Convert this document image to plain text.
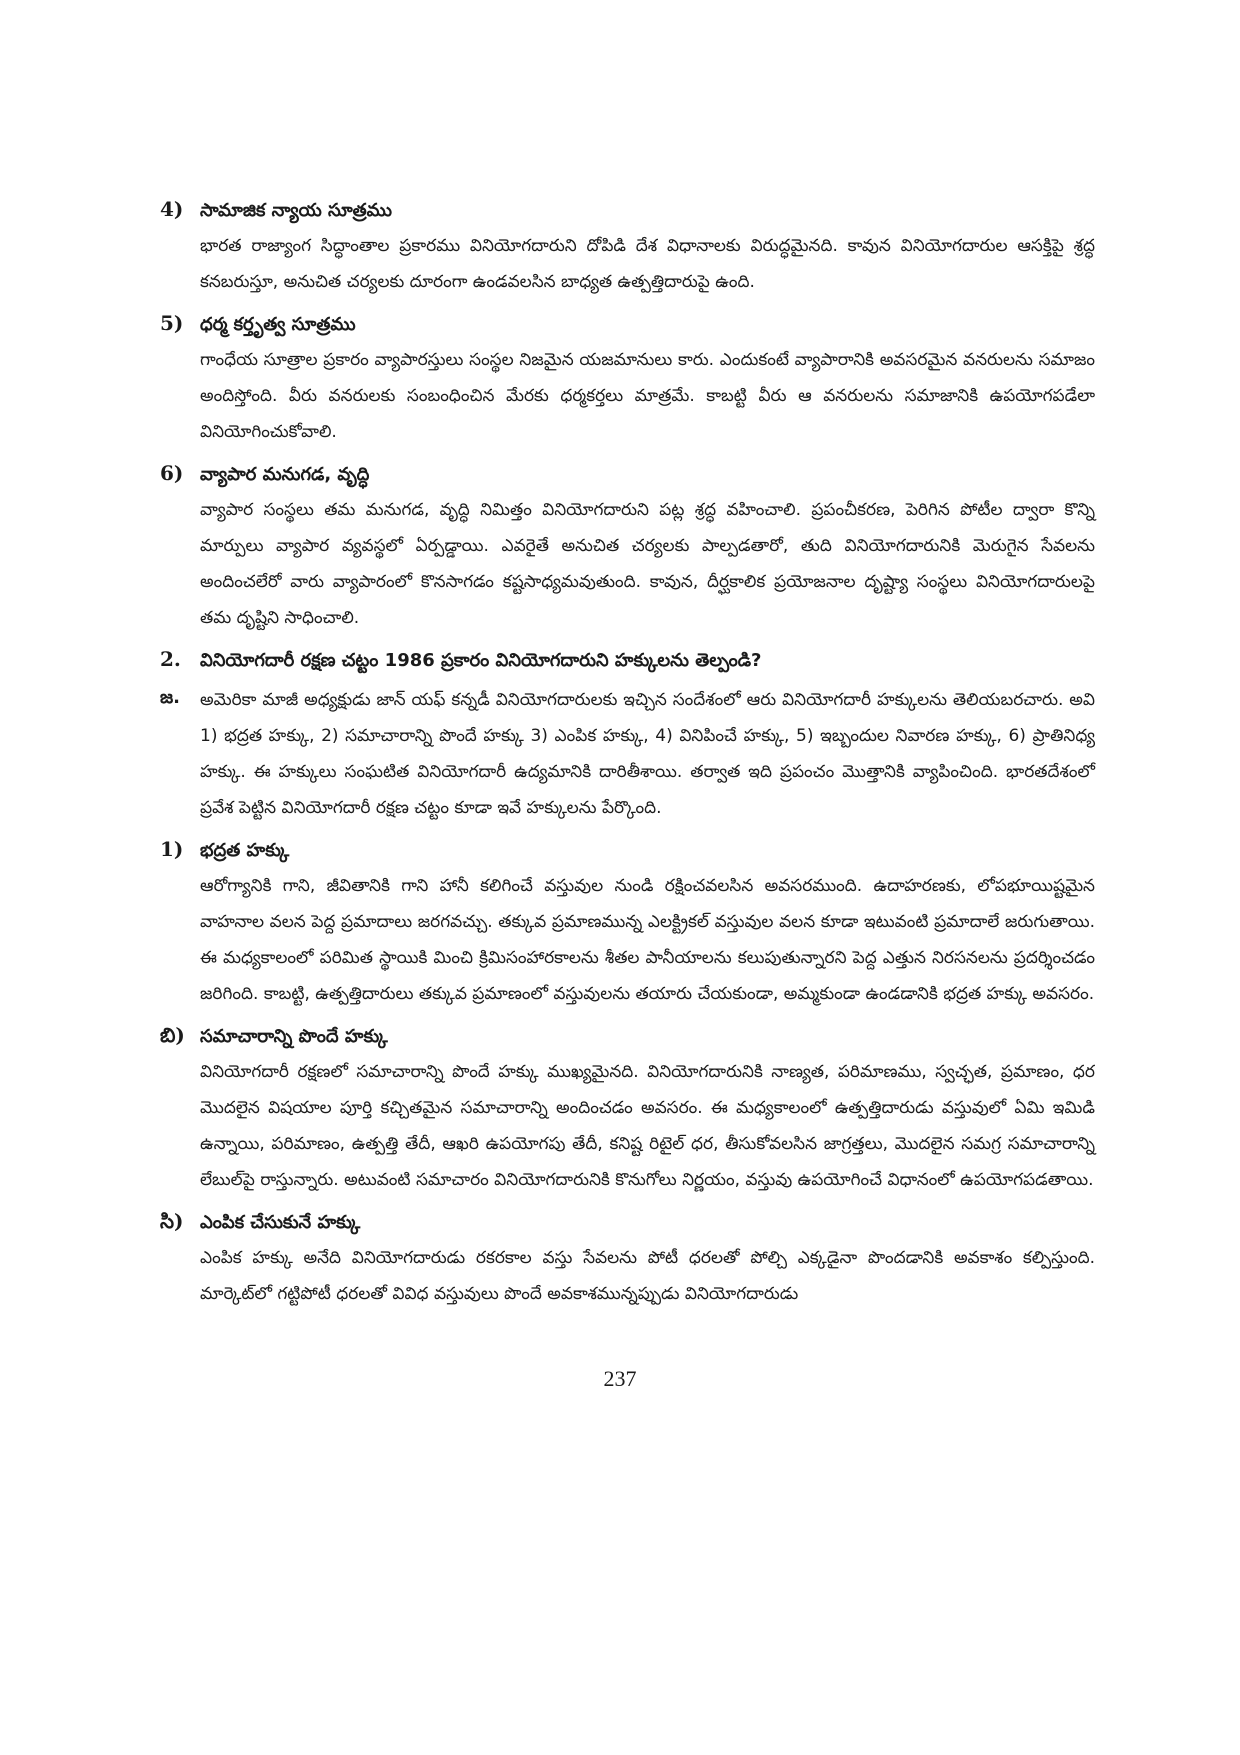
4) సామాజిక న్యాయ సూత్రము

భారత రాజ్యాంగ సిద్ధాంతాల ప్రకారము వినియోగదారుని దోపిడి దేశ విధానాలకు విరుద్ధమైనది. కావున వినియోగదారుల ఆసక్తిపై శ్రద్ధ కనబరుస్తూ, అనుచిత చర్యలకు దూరంగా ఉండవలసిన బాధ్యత ఉత్పత్తిదారుపై ఉంది.

5) ధర్మ కర్తృత్వ సూత్రము

గాంధేయ సూత్రాల ప్రకారం వ్యాపారస్తులు సంస్థల నిజమైన యజమానులు కారు. ఎందుకంటే వ్యాపారానికి అవసరమైన వనరులను సమాజం అందిస్తోంది. వీరు వనరులకు సంబంధించిన మేరకు ధర్మకర్తలు మాత్రమే. కాబట్టి వీరు ఆ వనరులను సమాజానికి ఉపయోగపడేలా వినియోగించుకోవాలి.

6) వ్యాపార మనుగడ, వృద్ధి

వ్యాపార సంస్థలు తమ మనుగడ, వృద్ధి నిమిత్తం వినియోగదారుని పట్ల శ్రద్ధ వహించాలి. ప్రపంచీకరణ, పెరిగిన పోటీల ద్వారా కొన్ని మార్పులు వ్యాపార వ్యవస్థలో ఏర్పడ్డాయి. ఎవరైతే అనుచిత చర్యలకు పాల్పడతారో, తుది వినియోగదారునికి మెరుగైన సేవలను అందించలేరో వారు వ్యాపారంలో కొనసాగడం కష్టసాధ్యమవుతుంది. కావున, దీర్ఘకాలిక ప్రయోజనాల దృష్ట్యా సంస్థలు వినియోగదారులపై తమ దృష్టిని సాధించాలి.

2.	వినియోగదారీ రక్షణ చట్టం 1986 ప్రకారం వినియోగదారుని హక్కులను తెల్పండి?
జ.	అమెరికా మాజీ అధ్యక్షుడు జాన్ యఫ్ కన్నడీ వినియోగదారులకు ఇచ్చిన సందేశంలో ఆరు వినియోగదారీ హక్కులను తెలియబరచారు. అవి 1) భద్రత హక్కు, 2) సమాచారాన్ని పొందే హక్కు 3) ఎంపిక హక్కు, 4) వినిపించే హక్కు, 5) ఇబ్బందుల నివారణ హక్కు, 6) ప్రాతినిధ్య హక్కు. ఈ హక్కులు సంఘటిత వినియోగదారీ ఉద్యమానికి దారితీశాయి. తర్వాత ఇది ప్రపంచం మొత్తానికి వ్యాపించింది. భారతదేశంలో ప్రవేశ పెట్టిన వినియోగదారీ రక్షణ చట్టం కూడా ఇవే హక్కులను పేర్కొంది.

1) భద్రత హక్కు

ఆరోగ్యానికి గాని, జీవితానికి గాని హానీ కలిగించే వస్తువుల నుండి రక్షించవలసిన అవసరముంది. ఉదాహరణకు, లోపభూయిష్టమైన వాహనాల వలన పెద్ద ప్రమాదాలు జరగవచ్చు. తక్కువ ప్రమాణమున్న ఎలక్ట్రికల్ వస్తువుల వలన కూడా ఇటువంటి ప్రమాదాలే జరుగుతాయి. ఈ మధ్యకాలంలో పరిమిత స్థాయికి మించి క్రిమిసంహారకాలను శీతల పానీయాలను కలుపుతున్నారని పెద్ద ఎత్తున నిరసనలను ప్రదర్శించడం జరిగింది. కాబట్టి, ఉత్పత్తిదారులు తక్కువ ప్రమాణంలో వస్తువులను తయారు చేయకుండా, అమ్మకుండా ఉండడానికి భద్రత హక్కు అవసరం.

బి) సమాచారాన్ని పొందే హక్కు

వినియోగదారీ రక్షణలో సమాచారాన్ని పొందే హక్కు ముఖ్యమైనది. వినియోగదారునికి నాణ్యత, పరిమాణము, స్వచ్ఛత, ప్రమాణం, ధర మొదలైన విషయాల పూర్తి కచ్చితమైన సమాచారాన్ని అందించడం అవసరం. ఈ మధ్యకాలంలో ఉత్పత్తిదారుడు వస్తువులో ఏమి ఇమిడి ఉన్నాయి, పరిమాణం, ఉత్పత్తి తేదీ, ఆఖరి ఉపయోగపు తేదీ, కనిష్ట రిటైల్ ధర, తీసుకోవలసిన జాగ్రత్తలు, మొదలైన సమగ్ర సమాచారాన్ని లేబుల్‌పై రాస్తున్నారు. అటువంటి సమాచారం వినియోగదారునికి కొనుగోలు నిర్ణయం, వస్తువు ఉపయోగించే విధానంలో ఉపయోగపడతాయి.

సి) ఎంపిక చేసుకునే హక్కు

ఎంపిక హక్కు అనేది వినియోగదారుడు రకరకాల వస్తు సేవలను పోటీ ధరలతో పోల్చి ఎక్కడైనా పొందడానికి అవకాశం కల్పిస్తుంది. మార్కెట్‌లో గట్టిపోటీ ధరలతో వివిధ వస్తువులు పొందే అవకాశమున్నప్పుడు వినియోగదారుడు

237
